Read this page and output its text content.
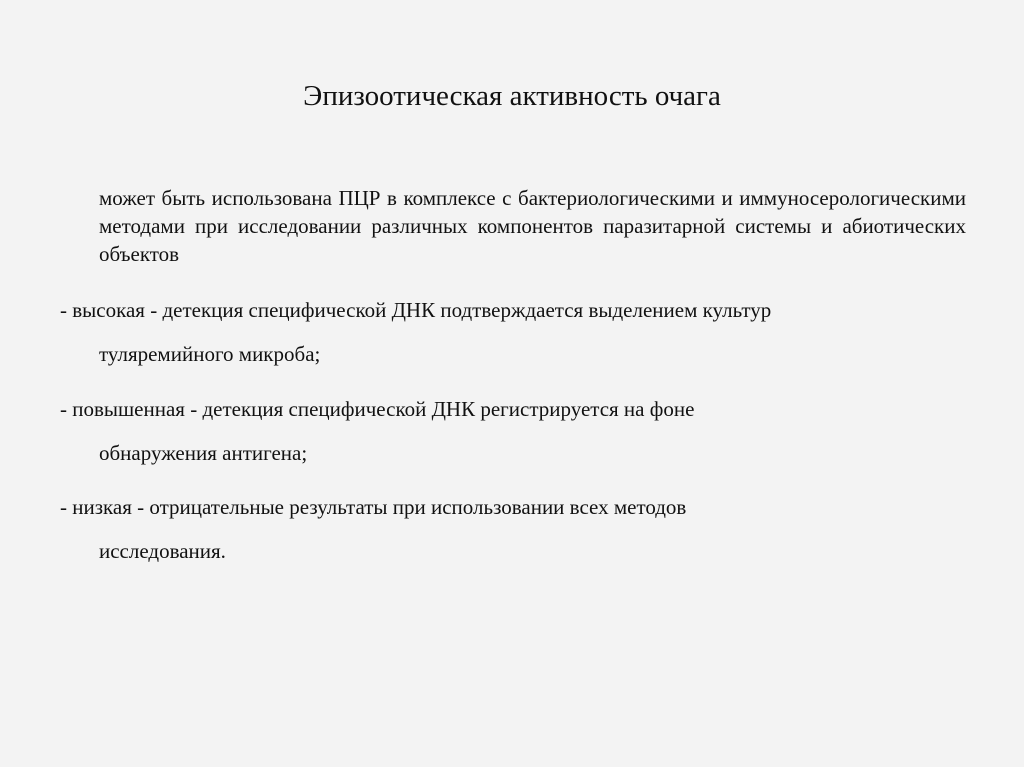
Эпизоотическая активность очага

может быть использована ПЦР в комплексе с бактериологическими и иммуносерологическими методами при исследовании различных компонентов паразитарной системы и абиотических объектов

- высокая - детекция специфической ДНК подтверждается выделением культур
туляремийного микроба;
- повышенная - детекция специфической ДНК регистрируется на фоне
обнаружения антигена;
- низкая - отрицательные результаты при использовании всех методов
исследования.
